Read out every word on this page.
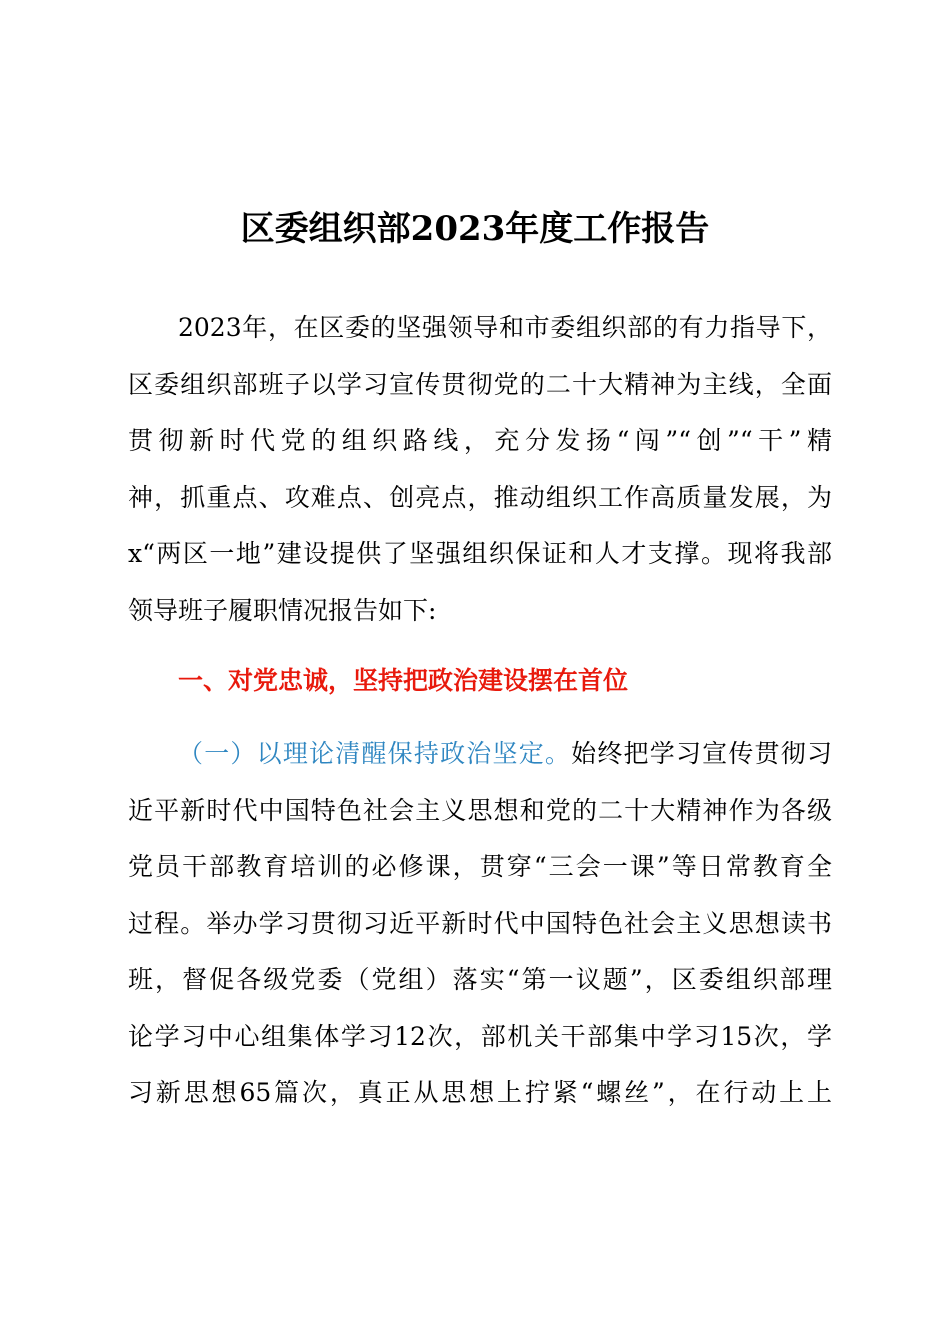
区委组织部2023年度工作报告
2023年，在区委的坚强领导和市委组织部的有力指导下，
区委组织部班子以学习宣传贯彻党的二十大精神为主线，全面
贯彻新时代党的组织路线，充分发扬“闯”“创”“干”精
神，抓重点、攻难点、创亮点，推动组织工作高质量发展，为
x“两区一地”建设提供了坚强组织保证和人才支撑。现将我部
领导班子履职情况报告如下:
一、对党忠诚，坚持把政治建设摆在首位
（一）以理论清醒保持政治坚定。始终把学习宣传贯彻习
近平新时代中国特色社会主义思想和党的二十大精神作为各级
党员干部教育培训的必修课，贯穿“三会一课”等日常教育全
过程。举办学习贯彻习近平新时代中国特色社会主义思想读书
班，督促各级党委（党组）落实“第一议题”，区委组织部理
论学习中心组集体学习12次，部机关干部集中学习15次，学
习新思想65篇次，真正从思想上拧紧“螺丝”，在行动上上
